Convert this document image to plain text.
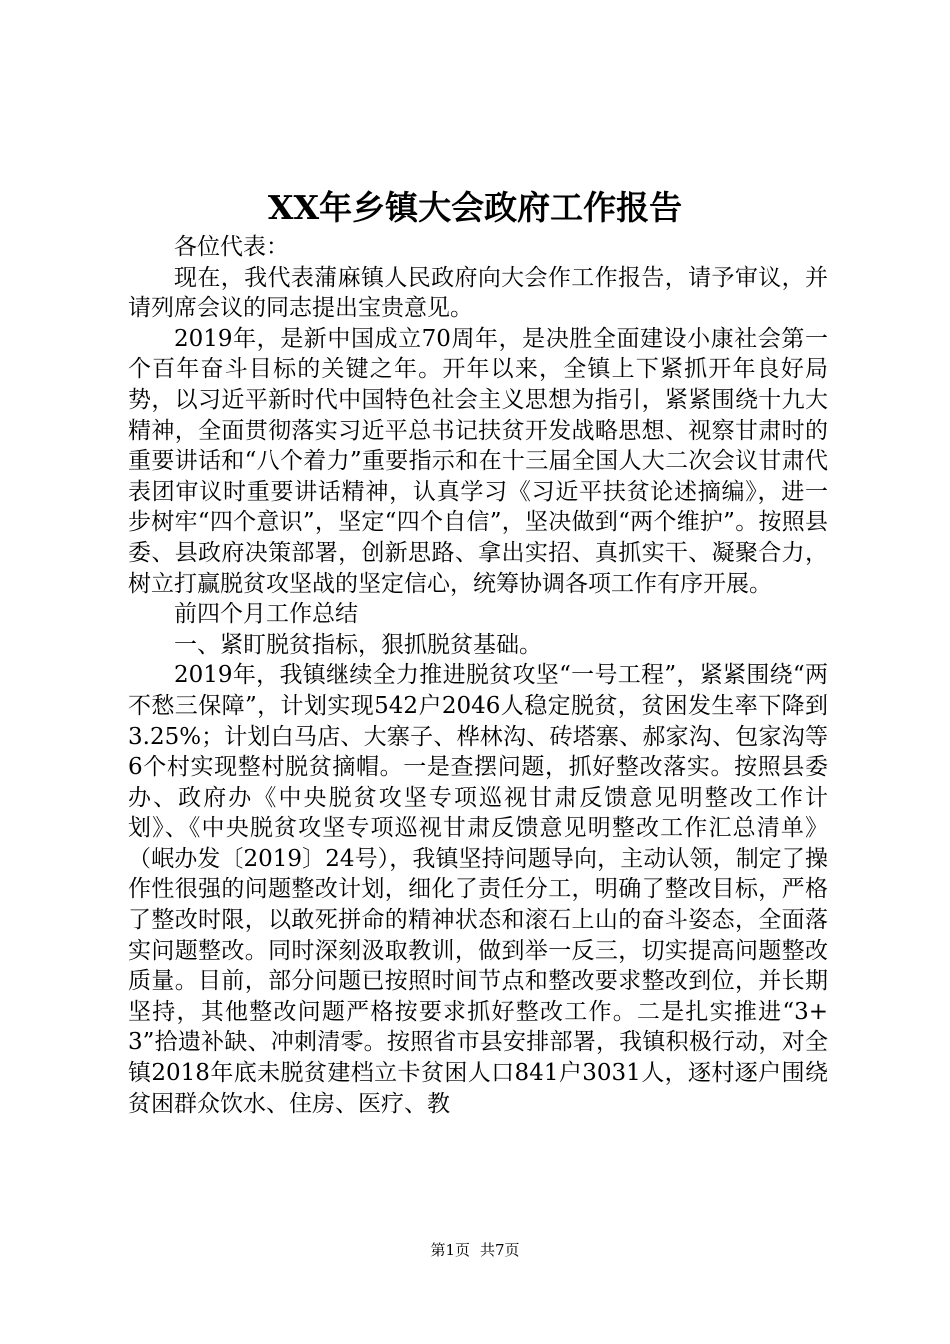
XX年乡镇大会政府工作报告

各位代表：

现在，我代表蒲麻镇人民政府向大会作工作报告，请予审议，并请列席会议的同志提出宝贵意见。

2019年，是新中国成立70周年，是决胜全面建设小康社会第一个百年奋斗目标的关键之年。开年以来，全镇上下紧抓开年良好局势，以习近平新时代中国特色社会主义思想为指引，紧紧围绕十九大精神，全面贯彻落实习近平总书记扶贫开发战略思想、视察甘肃时的重要讲话和“八个着力”重要指示和在十三届全国人大二次会议甘肃代表团审议时重要讲话精神，认真学习《习近平扶贫论述摘编》，进一步树牢“四个意识”，坚定“四个自信”，坚决做到“两个维护”。按照县委、县政府决策部署，创新思路、拿出实招、真抓实干、凝聚合力，树立打赢脱贫攻坚战的坚定信心，统筹协调各项工作有序开展。

前四个月工作总结

一、紧盯脱贫指标，狠抓脱贫基础。

2019年，我镇继续全力推进脱贫攻坚“一号工程”，紧紧围绕“两不愁三保障”，计划实现542户2046人稳定脱贫，贫困发生率下降到3.25%；计划白马店、大寨子、桦林沟、砖塔寨、郝家沟、包家沟等6个村实现整村脱贫摘帽。一是查摆问题，抓好整改落实。按照县委办、政府办《中央脱贫攻坚专项巡视甘肃反馈意见明整改工作计划》、《中央脱贫攻坚专项巡视甘肃反馈意见明整改工作汇总清单》（岷办发〔2019〕24号），我镇坚持问题导向，主动认领，制定了操作性很强的问题整改计划，细化了责任分工，明确了整改目标，严格了整改时限，以敢死拼命的精神状态和滚石上山的奋斗姿态，全面落实问题整改。同时深刻汲取教训，做到举一反三，切实提高问题整改质量。目前，部分问题已按照时间节点和整改要求整改到位，并长期坚持，其他整改问题严格按要求抓好整改工作。二是扎实推进“3+3”拾遗补缺、冲刺清零。按照省市县安排部署，我镇积极行动，对全镇2018年底未脱贫建档立卡贫困人口841户3031人，逐村逐户围绕贫困群众饮水、住房、医疗、教

第1页 共7页
